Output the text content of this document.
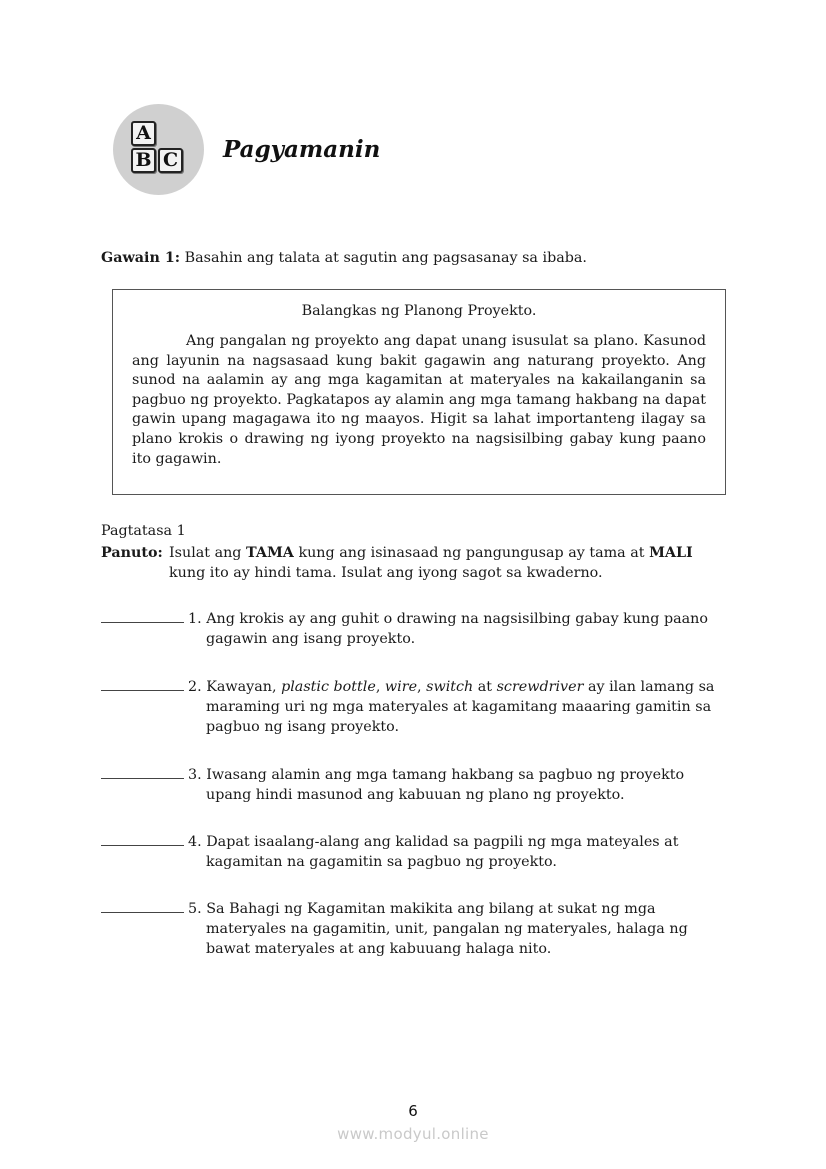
A
B C Pagyamanin
Gawain 1: Basahin ang talata at sagutin ang pagsasanay sa ibaba.
Balangkas ng Planong Proyekto.
Ang pangalan ng proyekto ang dapat unang isusulat sa plano. Kasunod ang layunin na nagsasaad kung bakit gagawin ang naturang proyekto. Ang sunod na aalamin ay ang mga kagamitan at materyales na kakailanganin sa pagbuo ng proyekto. Pagkatapos ay alamin ang mga tamang hakbang na dapat gawin upang magagawa ito ng maayos. Higit sa lahat importanteng ilagay sa plano krokis o drawing ng iyong proyekto na nagsisilbing gabay kung paano ito gagawin.
Pagtatasa 1
Panuto: Isulat ang TAMA kung ang isinasaad ng pangungusap ay tama at MALI
kung ito ay hindi tama. Isulat ang iyong sagot sa kwaderno.
1. Ang krokis ay ang guhit o drawing na nagsisilbing gabay kung paano
gagawin ang isang proyekto.
2. Kawayan, plastic bottle, wire, switch at screwdriver ay ilan lamang sa
maraming uri ng mga materyales at kagamitang maaaring gamitin sa
pagbuo ng isang proyekto.
3. Iwasang alamin ang mga tamang hakbang sa pagbuo ng proyekto
upang hindi masunod ang kabuuan ng plano ng proyekto.
4. Dapat isaalang-alang ang kalidad sa pagpili ng mga mateyales at
kagamitan na gagamitin sa pagbuo ng proyekto.
5. Sa Bahagi ng Kagamitan makikita ang bilang at sukat ng mga
materyales na gagamitin, unit, pangalan ng materyales, halaga ng
bawat materyales at ang kabuuang halaga nito.
6
www.modyul.online
